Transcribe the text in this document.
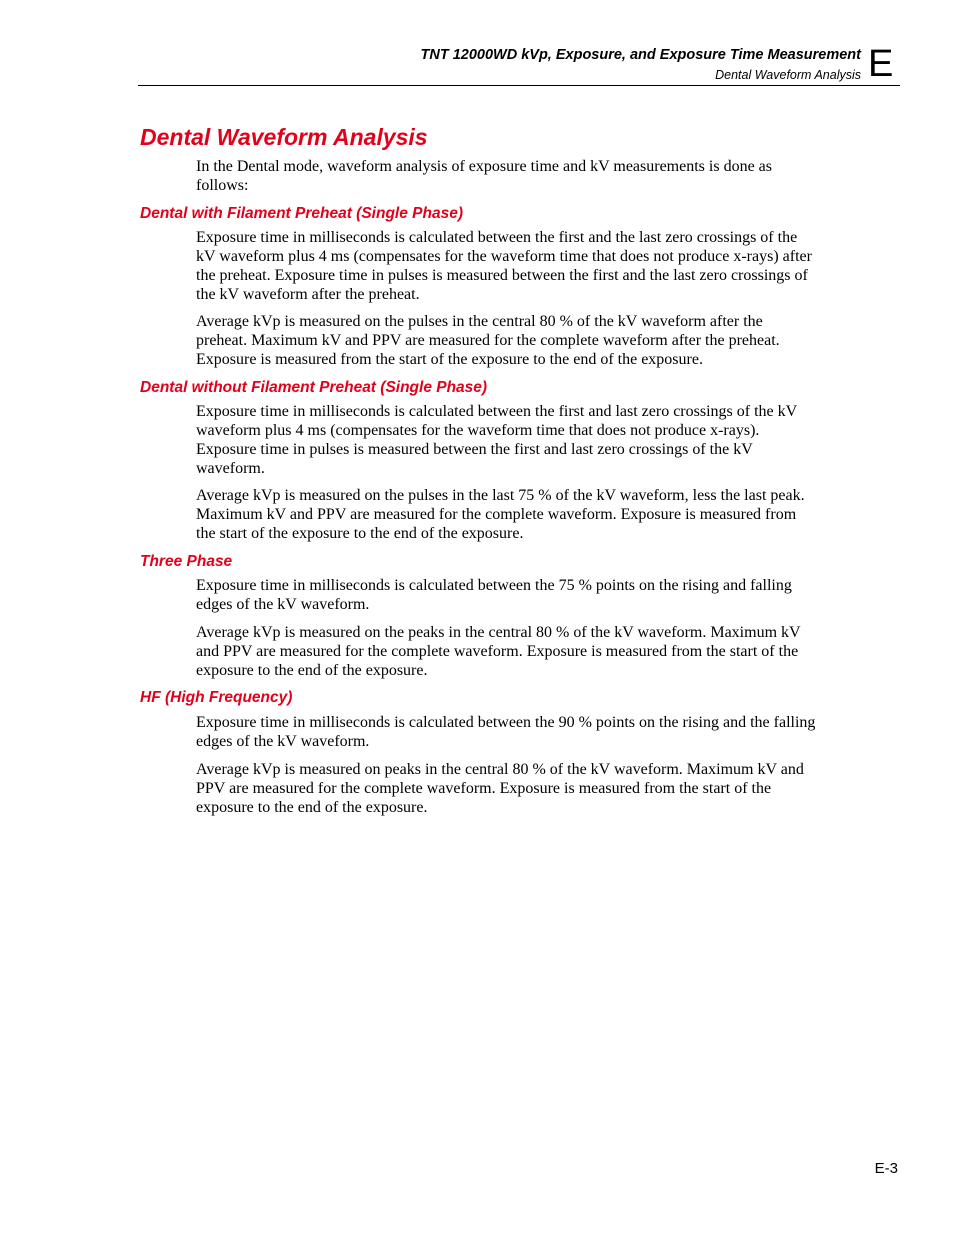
TNT 12000WD kVp, Exposure, and Exposure Time Measurement
Dental Waveform Analysis E
Dental Waveform Analysis

In the Dental mode, waveform analysis of exposure time and kV measurements is done as follows:

Dental with Filament Preheat (Single Phase)

Exposure time in milliseconds is calculated between the first and the last zero crossings of the kV waveform plus 4 ms (compensates for the waveform time that does not produce x-rays) after the preheat. Exposure time in pulses is measured between the first and the last zero crossings of the kV waveform after the preheat.

Average kVp is measured on the pulses in the central 80 % of the kV waveform after the preheat. Maximum kV and PPV are measured for the complete waveform after the preheat. Exposure is measured from the start of the exposure to the end of the exposure.

Dental without Filament Preheat (Single Phase)

Exposure time in milliseconds is calculated between the first and last zero crossings of the kV waveform plus 4 ms (compensates for the waveform time that does not produce x-rays). Exposure time in pulses is measured between the first and last zero crossings of the kV waveform.

Average kVp is measured on the pulses in the last 75 % of the kV waveform, less the last peak. Maximum kV and PPV are measured for the complete waveform. Exposure is measured from the start of the exposure to the end of the exposure.

Three Phase

Exposure time in milliseconds is calculated between the 75 % points on the rising and falling edges of the kV waveform.

Average kVp is measured on the peaks in the central 80 % of the kV waveform. Maximum kV and PPV are measured for the complete waveform. Exposure is measured from the start of the exposure to the end of the exposure.

HF (High Frequency)

Exposure time in milliseconds is calculated between the 90 % points on the rising and the falling edges of the kV waveform.

Average kVp is measured on peaks in the central 80 % of the kV waveform. Maximum kV and PPV are measured for the complete waveform. Exposure is measured from the start of the exposure to the end of the exposure.

E-3
